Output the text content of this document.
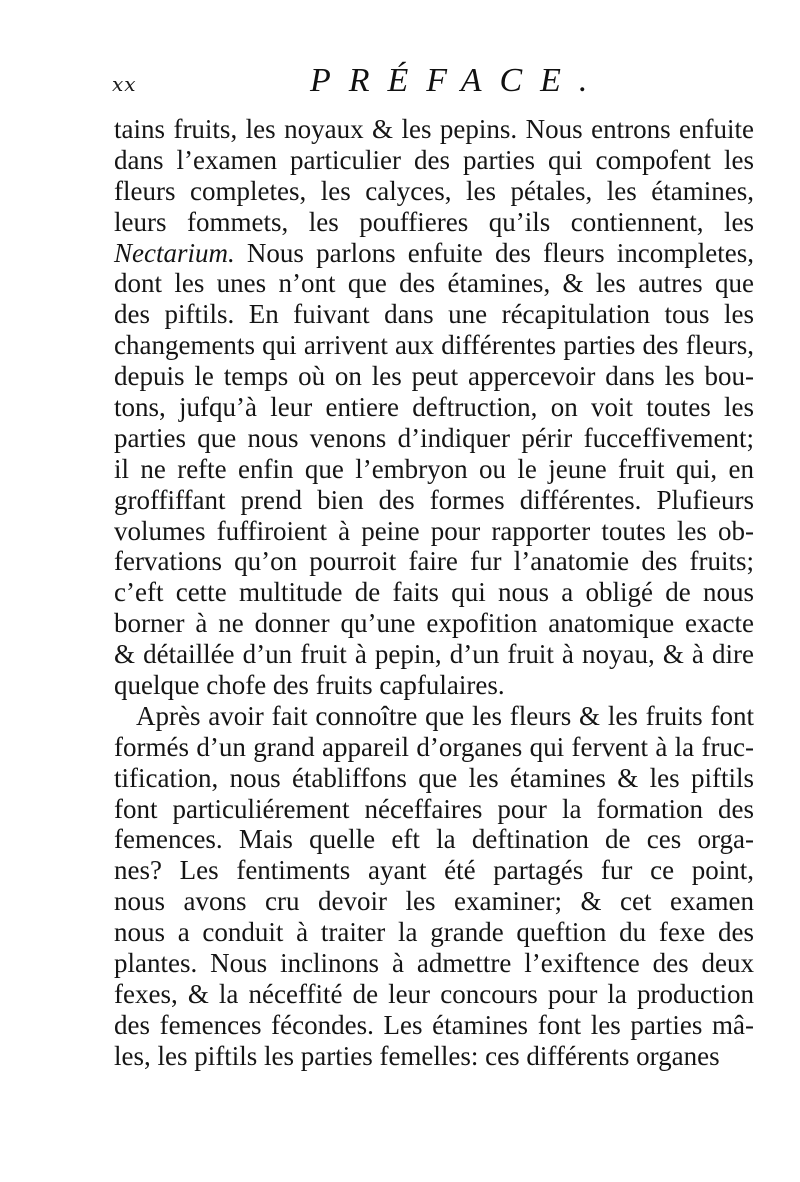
xx	PRÉFACE.
tains fruits, les noyaux & les pepins. Nous entrons enfuite
dans l’examen particulier des parties qui compofent les
fleurs completes, les calyces, les pétales, les étamines,
leurs fommets, les pouffieres qu’ils contiennent, les
Nectarium. Nous parlons enfuite des fleurs incompletes,
dont les unes n’ont que des étamines, & les autres que
des piftils. En fuivant dans une récapitulation tous les
changements qui arrivent aux différentes parties des fleurs,
depuis le temps où on les peut appercevoir dans les bou-
tons, jufqu’à leur entiere deftruction, on voit toutes les
parties que nous venons d’indiquer périr fucceffivement;
il ne refte enfin que l’embryon ou le jeune fruit qui, en
groffiffant prend bien des formes différentes. Plufieurs
volumes fuffiroient à peine pour rapporter toutes les ob-
fervations qu’on pourroit faire fur l’anatomie des fruits;
c’eft cette multitude de faits qui nous a obligé de nous
borner à ne donner qu’une expofition anatomique exacte
& détaillée d’un fruit à pepin, d’un fruit à noyau, & à dire
quelque chofe des fruits capfulaires.
Après avoir fait connoître que les fleurs & les fruits font
formés d’un grand appareil d’organes qui fervent à la fruc-
tification, nous établiffons que les étamines & les piftils
font particuliérement néceffaires pour la formation des
femences. Mais quelle eft la deftination de ces orga-
nes? Les fentiments ayant été partagés fur ce point,
nous avons cru devoir les examiner; & cet examen
nous a conduit à traiter la grande queftion du fexe des
plantes. Nous inclinons à admettre l’exiftence des deux
fexes, & la néceffité de leur concours pour la production
des femences fécondes. Les étamines font les parties mâ-
les, les piftils les parties femelles: ces différents organes
